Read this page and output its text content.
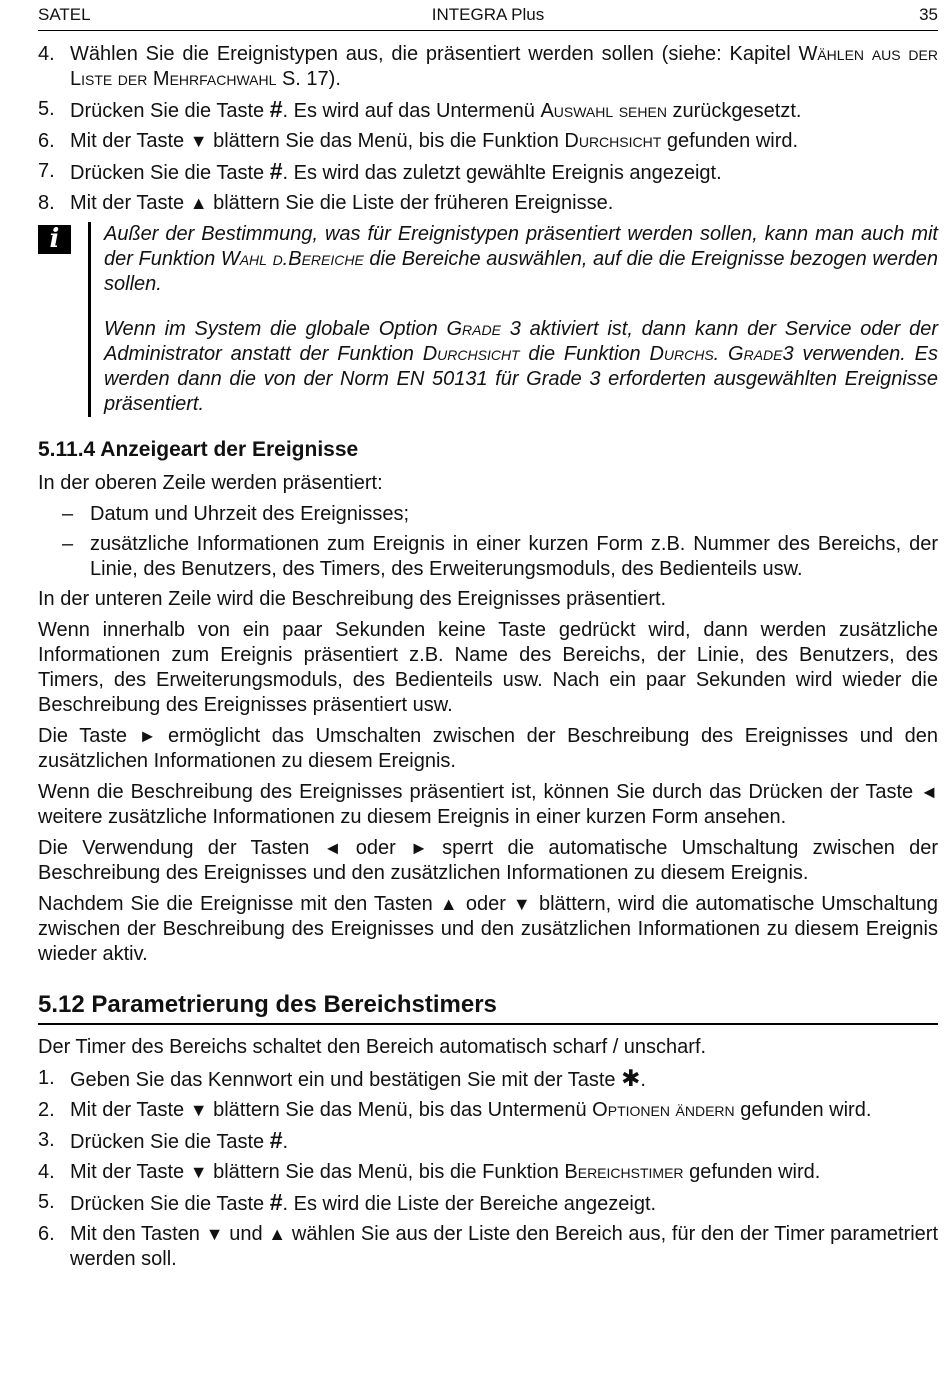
SATEL	INTEGRA Plus	35
4. Wählen Sie die Ereignistypen aus, die präsentiert werden sollen (siehe: Kapitel Wählen aus der Liste der Mehrfachwahl S. 17).
5. Drücken Sie die Taste #. Es wird auf das Untermenü Auswahl sehen zurückgesetzt.
6. Mit der Taste ▼ blättern Sie das Menü, bis die Funktion Durchsicht gefunden wird.
7. Drücken Sie die Taste #. Es wird das zuletzt gewählte Ereignis angezeigt.
8. Mit der Taste ▲ blättern Sie die Liste der früheren Ereignisse.
i	Außer der Bestimmung, was für Ereignistypen präsentiert werden sollen, kann man auch mit der Funktion Wahl d.Bereiche die Bereiche auswählen, auf die die Ereignisse bezogen werden sollen.

Wenn im System die globale Option Grade 3 aktiviert ist, dann kann der Service oder der Administrator anstatt der Funktion Durchsicht die Funktion Durchs. Grade3 verwenden. Es werden dann die von der Norm EN 50131 für Grade 3 erforderten ausgewählten Ereignisse präsentiert.

5.11.4 Anzeigeart der Ereignisse

In der oberen Zeile werden präsentiert:

– Datum und Uhrzeit des Ereignisses;
– zusätzliche Informationen zum Ereignis in einer kurzen Form z.B. Nummer des Bereichs, der Linie, des Benutzers, des Timers, des Erweiterungsmoduls, des Bedienteils usw.

In der unteren Zeile wird die Beschreibung des Ereignisses präsentiert.

Wenn innerhalb von ein paar Sekunden keine Taste gedrückt wird, dann werden zusätzliche Informationen zum Ereignis präsentiert z.B. Name des Bereichs, der Linie, des Benutzers, des Timers, des Erweiterungsmoduls, des Bedienteils usw. Nach ein paar Sekunden wird wieder die Beschreibung des Ereignisses präsentiert usw.

Die Taste ► ermöglicht das Umschalten zwischen der Beschreibung des Ereignisses und den zusätzlichen Informationen zu diesem Ereignis.

Wenn die Beschreibung des Ereignisses präsentiert ist, können Sie durch das Drücken der Taste ◄ weitere zusätzliche Informationen zu diesem Ereignis in einer kurzen Form ansehen.

Die Verwendung der Tasten ◄ oder ► sperrt die automatische Umschaltung zwischen der Beschreibung des Ereignisses und den zusätzlichen Informationen zu diesem Ereignis.

Nachdem Sie die Ereignisse mit den Tasten ▲ oder ▼ blättern, wird die automatische Umschaltung zwischen der Beschreibung des Ereignisses und den zusätzlichen Informationen zu diesem Ereignis wieder aktiv.

5.12 Parametrierung des Bereichstimers

Der Timer des Bereichs schaltet den Bereich automatisch scharf / unscharf.

1. Geben Sie das Kennwort ein und bestätigen Sie mit der Taste ✱.
2. Mit der Taste ▼ blättern Sie das Menü, bis das Untermenü Optionen ändern gefunden wird.
3. Drücken Sie die Taste #.
4. Mit der Taste ▼ blättern Sie das Menü, bis die Funktion Bereichstimer gefunden wird.
5. Drücken Sie die Taste #. Es wird die Liste der Bereiche angezeigt.
6. Mit den Tasten ▼ und ▲ wählen Sie aus der Liste den Bereich aus, für den der Timer parametriert werden soll.
